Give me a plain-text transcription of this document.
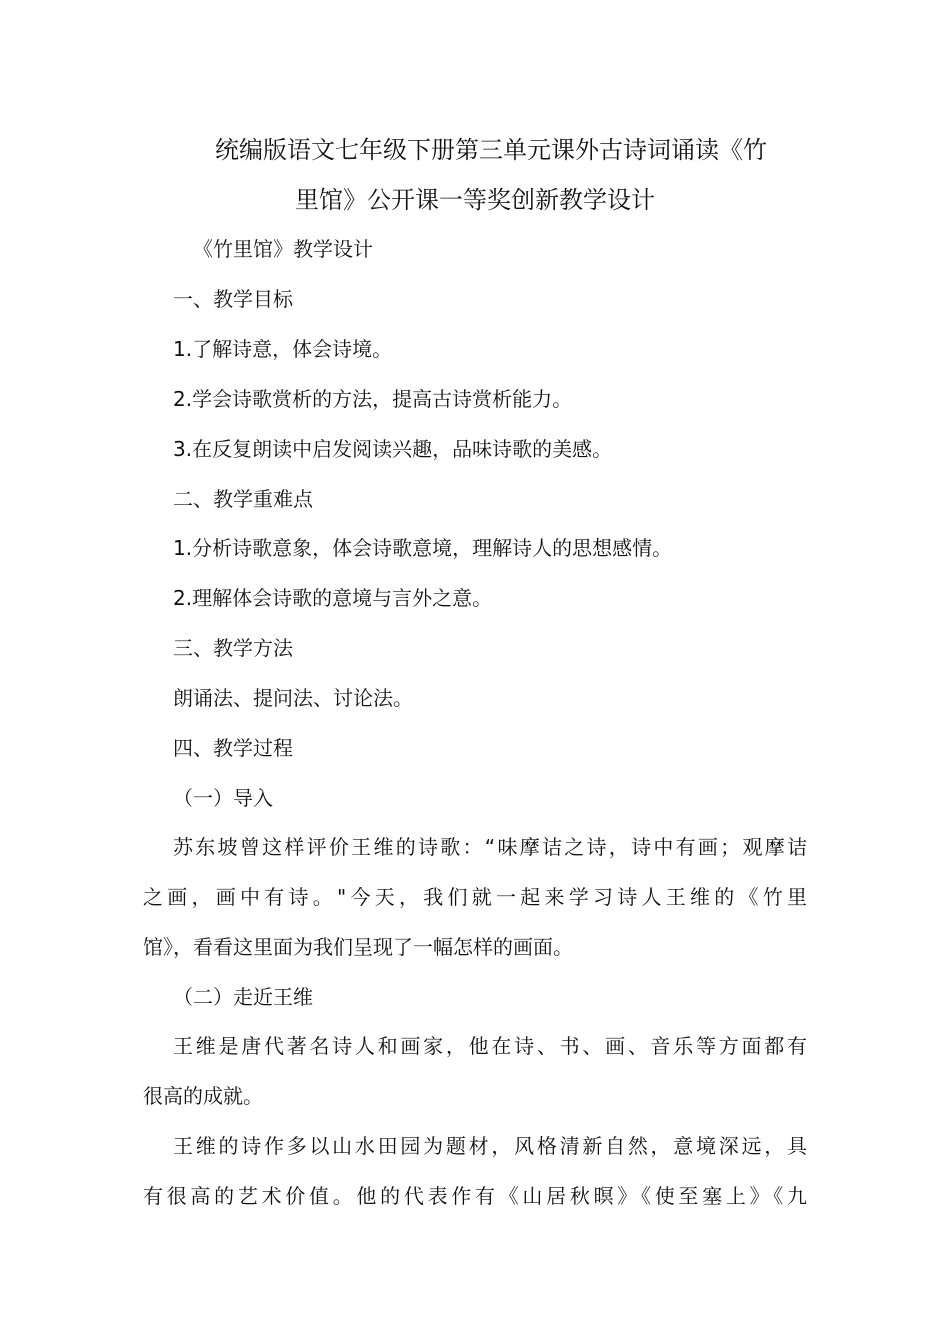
统编版语文七年级下册第三单元课外古诗词诵读《竹
里馆》公开课一等奖创新教学设计
《竹里馆》教学设计
一、教学目标
1.了解诗意，体会诗境。
2.学会诗歌赏析的方法，提高古诗赏析能力。
3.在反复朗读中启发阅读兴趣，品味诗歌的美感。
二、教学重难点
1.分析诗歌意象，体会诗歌意境，理解诗人的思想感情。
2.理解体会诗歌的意境与言外之意。
三、教学方法
朗诵法、提问法、讨论法。
四、教学过程
（一）导入
苏东坡曾这样评价王维的诗歌：“味摩诘之诗，诗中有画；观摩诘
之画，画中有诗。"今天，我们就一起来学习诗人王维的《竹里
馆》，看看这里面为我们呈现了一幅怎样的画面。
（二）走近王维
王维是唐代著名诗人和画家，他在诗、书、画、音乐等方面都有
很高的成就。
王维的诗作多以山水田园为题材，风格清新自然，意境深远，具
有很高的艺术价值。他的代表作有《山居秋暝》《使至塞上》《九
